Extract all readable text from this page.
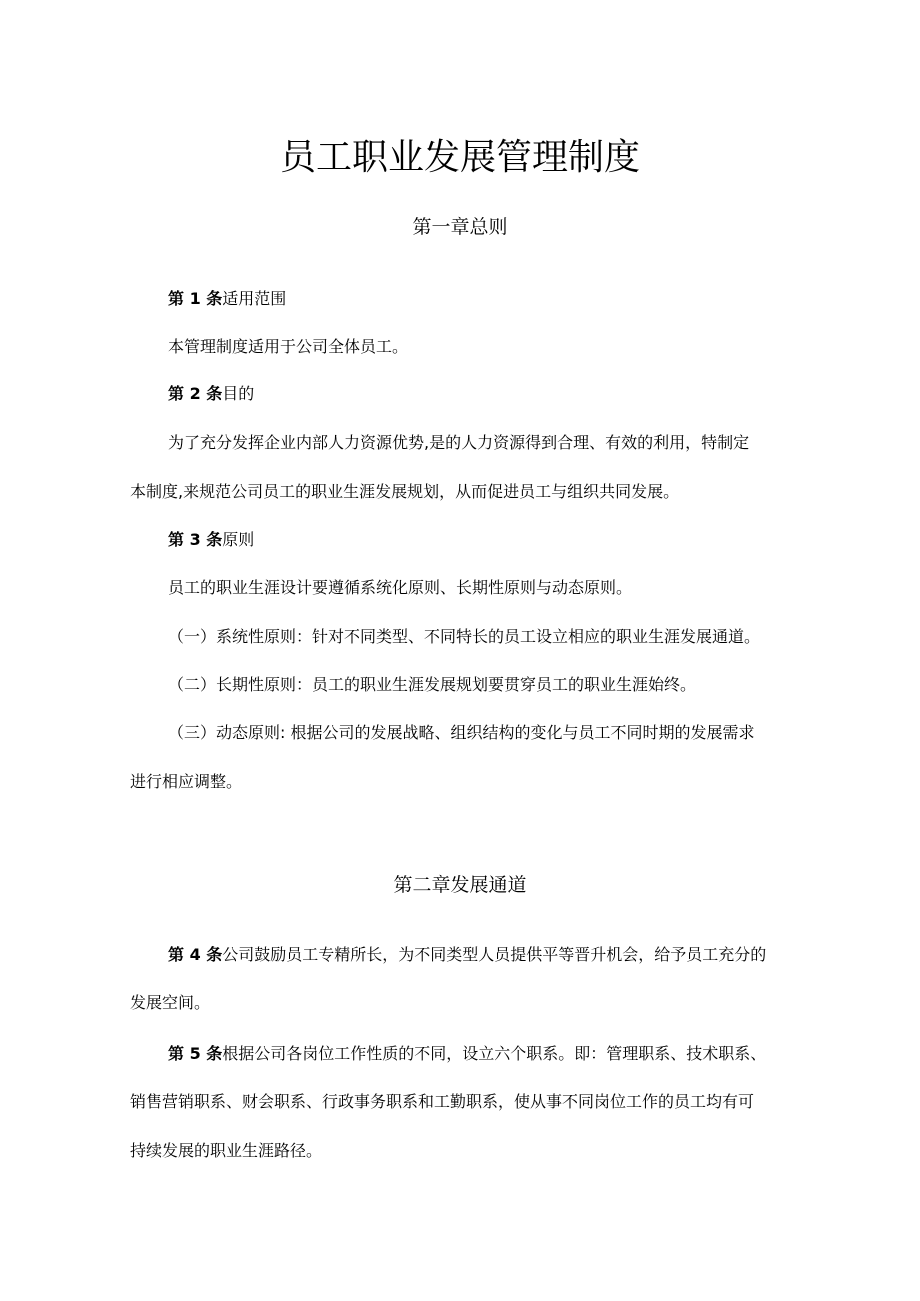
员工职业发展管理制度
第一章总则
第 1 条适用范围
本管理制度适用于公司全体员工。
第 2 条目的
为了充分发挥企业内部人力资源优势,是的人力资源得到合理、有效的利用，特制定
本制度,来规范公司员工的职业生涯发展规划，从而促进员工与组织共同发展。
第 3 条原则
员工的职业生涯设计要遵循系统化原则、长期性原则与动态原则。
（一）系统性原则：针对不同类型、不同特长的员工设立相应的职业生涯发展通道。
（二）长期性原则：员工的职业生涯发展规划要贯穿员工的职业生涯始终。
（三）动态原则: 根据公司的发展战略、组织结构的变化与员工不同时期的发展需求
进行相应调整。
第二章发展通道
第 4 条公司鼓励员工专精所长，为不同类型人员提供平等晋升机会，给予员工充分的
发展空间。
第 5 条根据公司各岗位工作性质的不同，设立六个职系。即：管理职系、技术职系、
销售营销职系、财会职系、行政事务职系和工勤职系，使从事不同岗位工作的员工均有可
持续发展的职业生涯路径。
